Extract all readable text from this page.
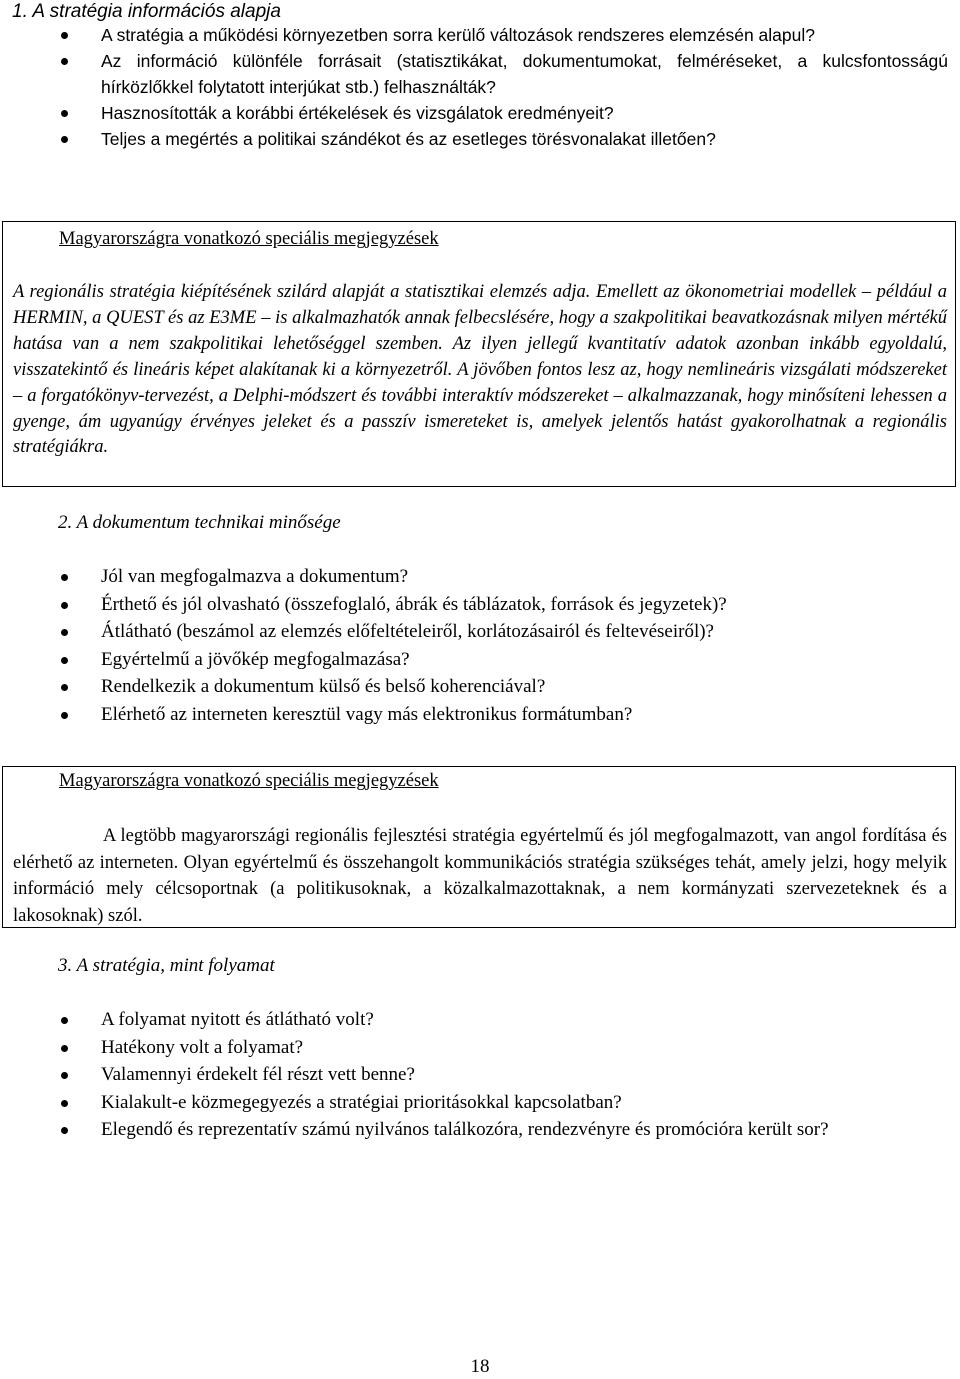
1. A stratégia információs alapja
A stratégia a működési környezetben sorra kerülő változások rendszeres elemzésén alapul?
Az információ különféle forrásait (statisztikákat, dokumentumokat, felméréseket, a kulcsfontosságú hírközlőkkel folytatott interjúkat stb.) felhasználták?
Hasznosították a korábbi értékelések és vizsgálatok eredményeit?
Teljes a megértés a politikai szándékot és az esetleges törésvonalakat illetően?
Magyarországra vonatkozó speciális megjegyzések
A regionális stratégia kiépítésének szilárd alapját a statisztikai elemzés adja. Emellett az ökonometriai modellek – például a HERMIN, a QUEST és az E3ME – is alkalmazhatók annak felbecslésére, hogy a szakpolitikai beavatkozásnak milyen mértékű hatása van a nem szakpolitikai lehetőséggel szemben. Az ilyen jellegű kvantitatív adatok azonban inkább egyoldalú, visszatekintő és lineáris képet alakítanak ki a környezetről. A jövőben fontos lesz az, hogy nemlineáris vizsgálati módszereket – a forgatókönyv-tervezést, a Delphi-módszert és további interaktív módszereket – alkalmazzanak, hogy minősíteni lehessen a gyenge, ám ugyanúgy érvényes jeleket és a passzív ismereteket is, amelyek jelentős hatást gyakorolhatnak a regionális stratégiákra.
2. A dokumentum technikai minősége
Jól van megfogalmazva a dokumentum?
Érthető és jól olvasható (összefoglaló, ábrák és táblázatok, források és jegyzetek)?
Átlátható (beszámol az elemzés előfeltételeiről, korlátozásairól és feltevéseiről)?
Egyértelmű a jövőkép megfogalmazása?
Rendelkezik a dokumentum külső és belső koherenciával?
Elérhető az interneten keresztül vagy más elektronikus formátumban?
Magyarországra vonatkozó speciális megjegyzések
A legtöbb magyarországi regionális fejlesztési stratégia egyértelmű és jól megfogalmazott, van angol fordítása és elérhető az interneten. Olyan egyértelmű és összehangolt kommunikációs stratégia szükséges tehát, amely jelzi, hogy melyik információ mely célcsoportnak (a politikusoknak, a közalkalmazottaknak, a nem kormányzati szervezeteknek és a lakosoknak) szól.
3. A stratégia, mint folyamat
A folyamat nyitott és átlátható volt?
Hatékony volt a folyamat?
Valamennyi érdekelt fél részt vett benne?
Kialakult-e közmegegyezés a stratégiai prioritásokkal kapcsolatban?
Elegendő és reprezentatív számú nyilvános találkozóra, rendezvényre és promócióra került sor?
18
